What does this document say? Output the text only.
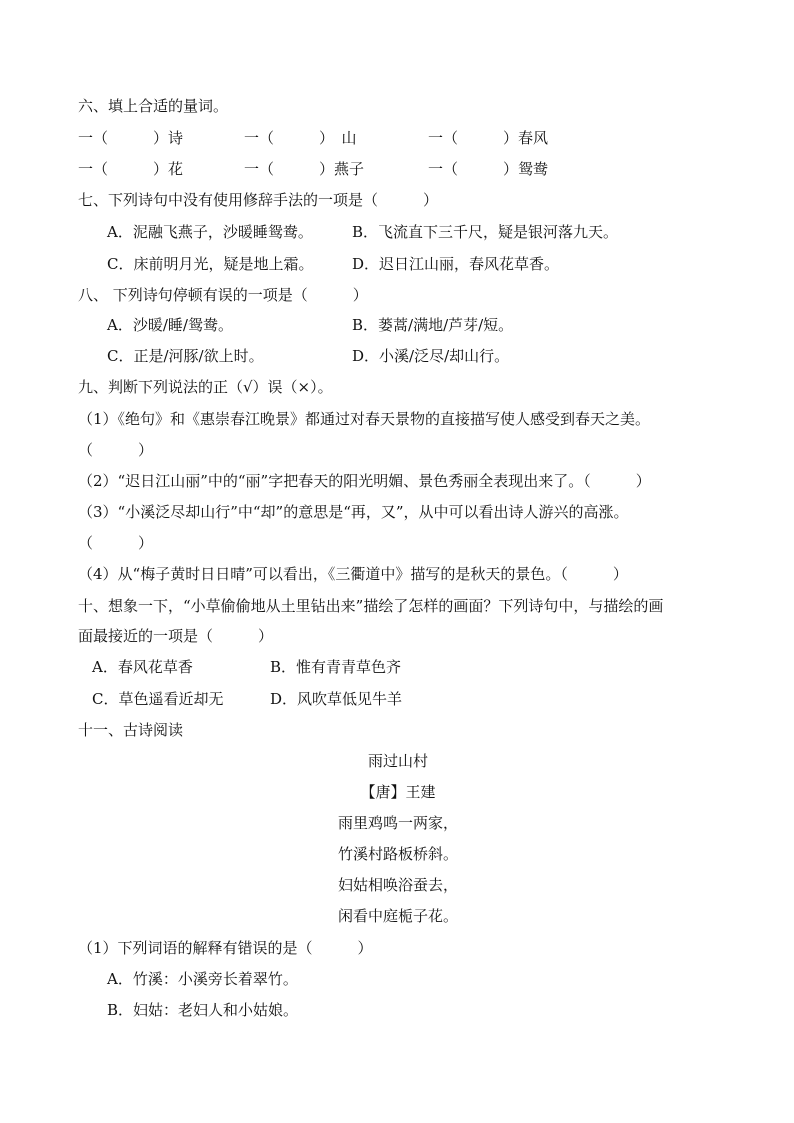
六、填上合适的量词。
一（　　　）诗	一（　　　）　山	一（　　　）春风
一（　　　）花	一（　　　）燕子	一（　　　）鸳鸯
七、下列诗句中没有使用修辞手法的一项是（　　　）
A．泥融飞燕子，沙暖睡鸳鸯。	B．飞流直下三千尺，疑是银河落九天。
C．床前明月光，疑是地上霜。	D．迟日江山丽，春风花草香。
八、 下列诗句停顿有误的一项是（　　　）
A．沙暖/睡/鸳鸯。	B．蒌蒿/满地/芦芽/短。
C．正是/河豚/欲上时。	D．小溪/泛尽/却山行。
九、判断下列说法的正（√）误（×）。
（1）《绝句》和《惠崇春江晚景》都通过对春天景物的直接描写使人感受到春天之美。
（　　　）
（2）“迟日江山丽”中的“丽”字把春天的阳光明媚、景色秀丽全表现出来了。（　　　）
（3）“小溪泛尽却山行”中“却”的意思是“再，又”，从中可以看出诗人游兴的高涨。
（　　　）
（4）从“梅子黄时日日晴”可以看出，《三衢道中》描写的是秋天的景色。（　　　）
十、想象一下，“小草偷偷地从土里钻出来”描绘了怎样的画面？下列诗句中，与描绘的画
面最接近的一项是（　　　）
A．春风花草香	B．惟有青青草色齐
C．草色遥看近却无	D．风吹草低见牛羊
十一、古诗阅读
雨过山村
【唐】王建
雨里鸡鸣一两家，
竹溪村路板桥斜。
妇姑相唤浴蚕去，
闲看中庭栀子花。
（1）下列词语的解释有错误的是（　　　）
A．竹溪：小溪旁长着翠竹。
B．妇姑：老妇人和小姑娘。
